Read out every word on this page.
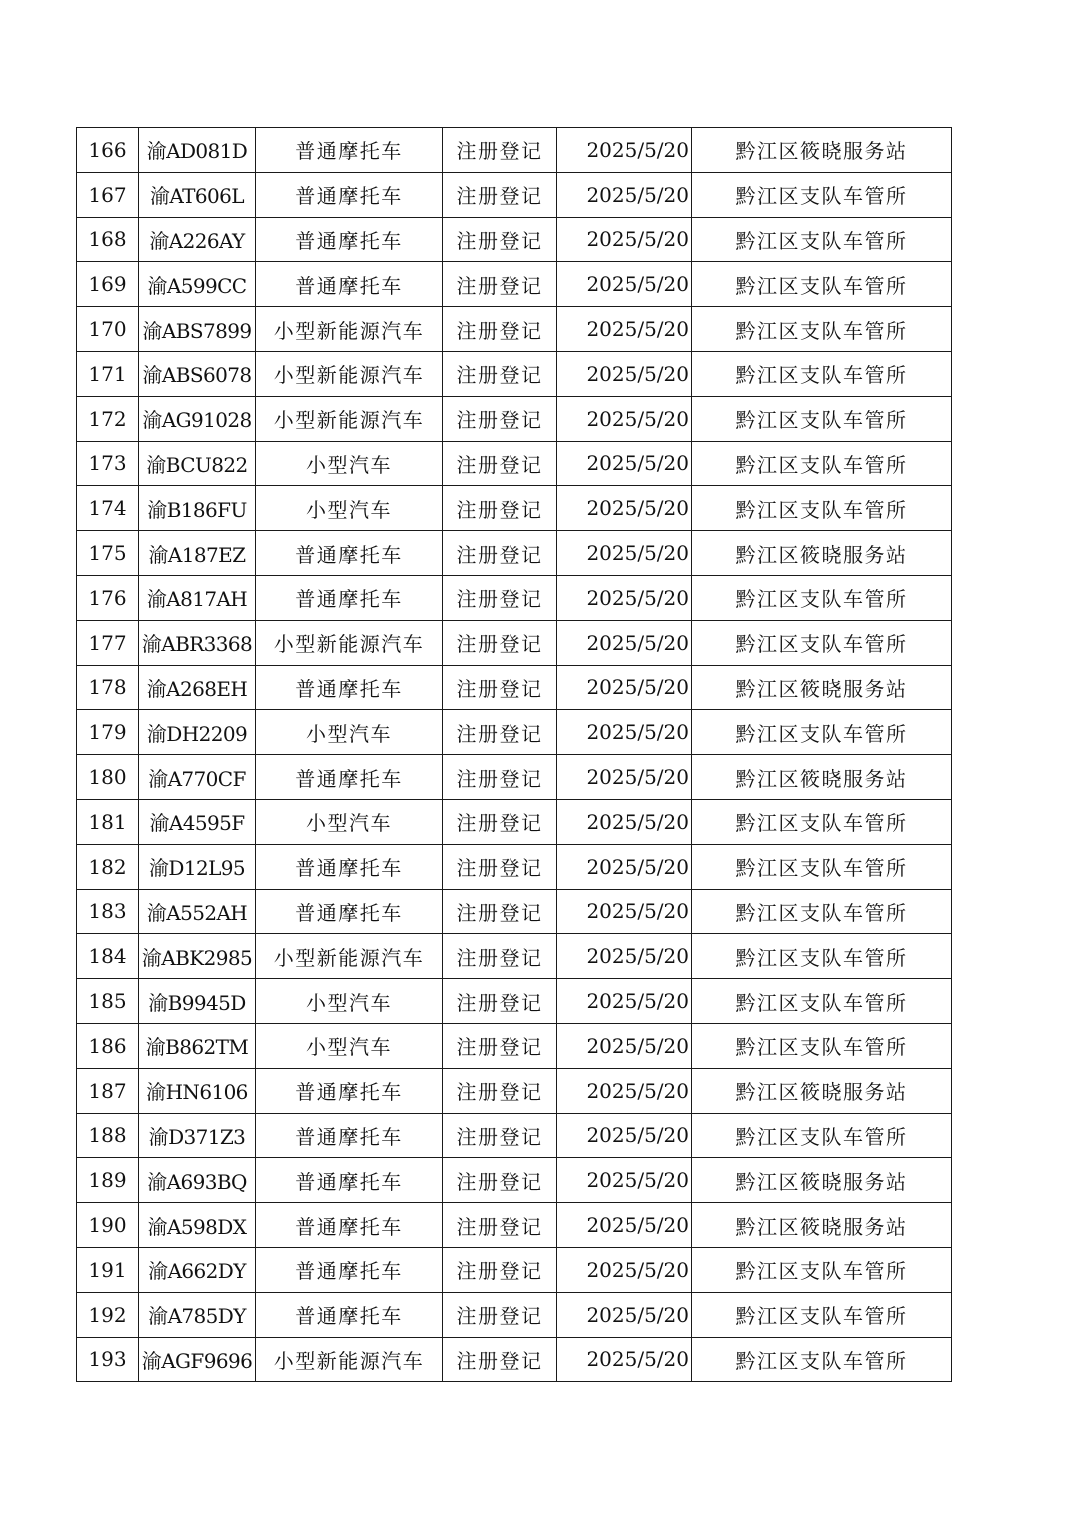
166	渝AD081D	普通摩托车	注册登记	2025/5/20	黔江区筱晓服务站
167	渝AT606L	普通摩托车	注册登记	2025/5/20	黔江区支队车管所
168	渝A226AY	普通摩托车	注册登记	2025/5/20	黔江区支队车管所
169	渝A599CC	普通摩托车	注册登记	2025/5/20	黔江区支队车管所
170	渝ABS7899	小型新能源汽车	注册登记	2025/5/20	黔江区支队车管所
171	渝ABS6078	小型新能源汽车	注册登记	2025/5/20	黔江区支队车管所
172	渝AG91028	小型新能源汽车	注册登记	2025/5/20	黔江区支队车管所
173	渝BCU822	小型汽车	注册登记	2025/5/20	黔江区支队车管所
174	渝B186FU	小型汽车	注册登记	2025/5/20	黔江区支队车管所
175	渝A187EZ	普通摩托车	注册登记	2025/5/20	黔江区筱晓服务站
176	渝A817AH	普通摩托车	注册登记	2025/5/20	黔江区支队车管所
177	渝ABR3368	小型新能源汽车	注册登记	2025/5/20	黔江区支队车管所
178	渝A268EH	普通摩托车	注册登记	2025/5/20	黔江区筱晓服务站
179	渝DH2209	小型汽车	注册登记	2025/5/20	黔江区支队车管所
180	渝A770CF	普通摩托车	注册登记	2025/5/20	黔江区筱晓服务站
181	渝A4595F	小型汽车	注册登记	2025/5/20	黔江区支队车管所
182	渝D12L95	普通摩托车	注册登记	2025/5/20	黔江区支队车管所
183	渝A552AH	普通摩托车	注册登记	2025/5/20	黔江区支队车管所
184	渝ABK2985	小型新能源汽车	注册登记	2025/5/20	黔江区支队车管所
185	渝B9945D	小型汽车	注册登记	2025/5/20	黔江区支队车管所
186	渝B862TM	小型汽车	注册登记	2025/5/20	黔江区支队车管所
187	渝HN6106	普通摩托车	注册登记	2025/5/20	黔江区筱晓服务站
188	渝D371Z3	普通摩托车	注册登记	2025/5/20	黔江区支队车管所
189	渝A693BQ	普通摩托车	注册登记	2025/5/20	黔江区筱晓服务站
190	渝A598DX	普通摩托车	注册登记	2025/5/20	黔江区筱晓服务站
191	渝A662DY	普通摩托车	注册登记	2025/5/20	黔江区支队车管所
192	渝A785DY	普通摩托车	注册登记	2025/5/20	黔江区支队车管所
193	渝AGF9696	小型新能源汽车	注册登记	2025/5/20	黔江区支队车管所
